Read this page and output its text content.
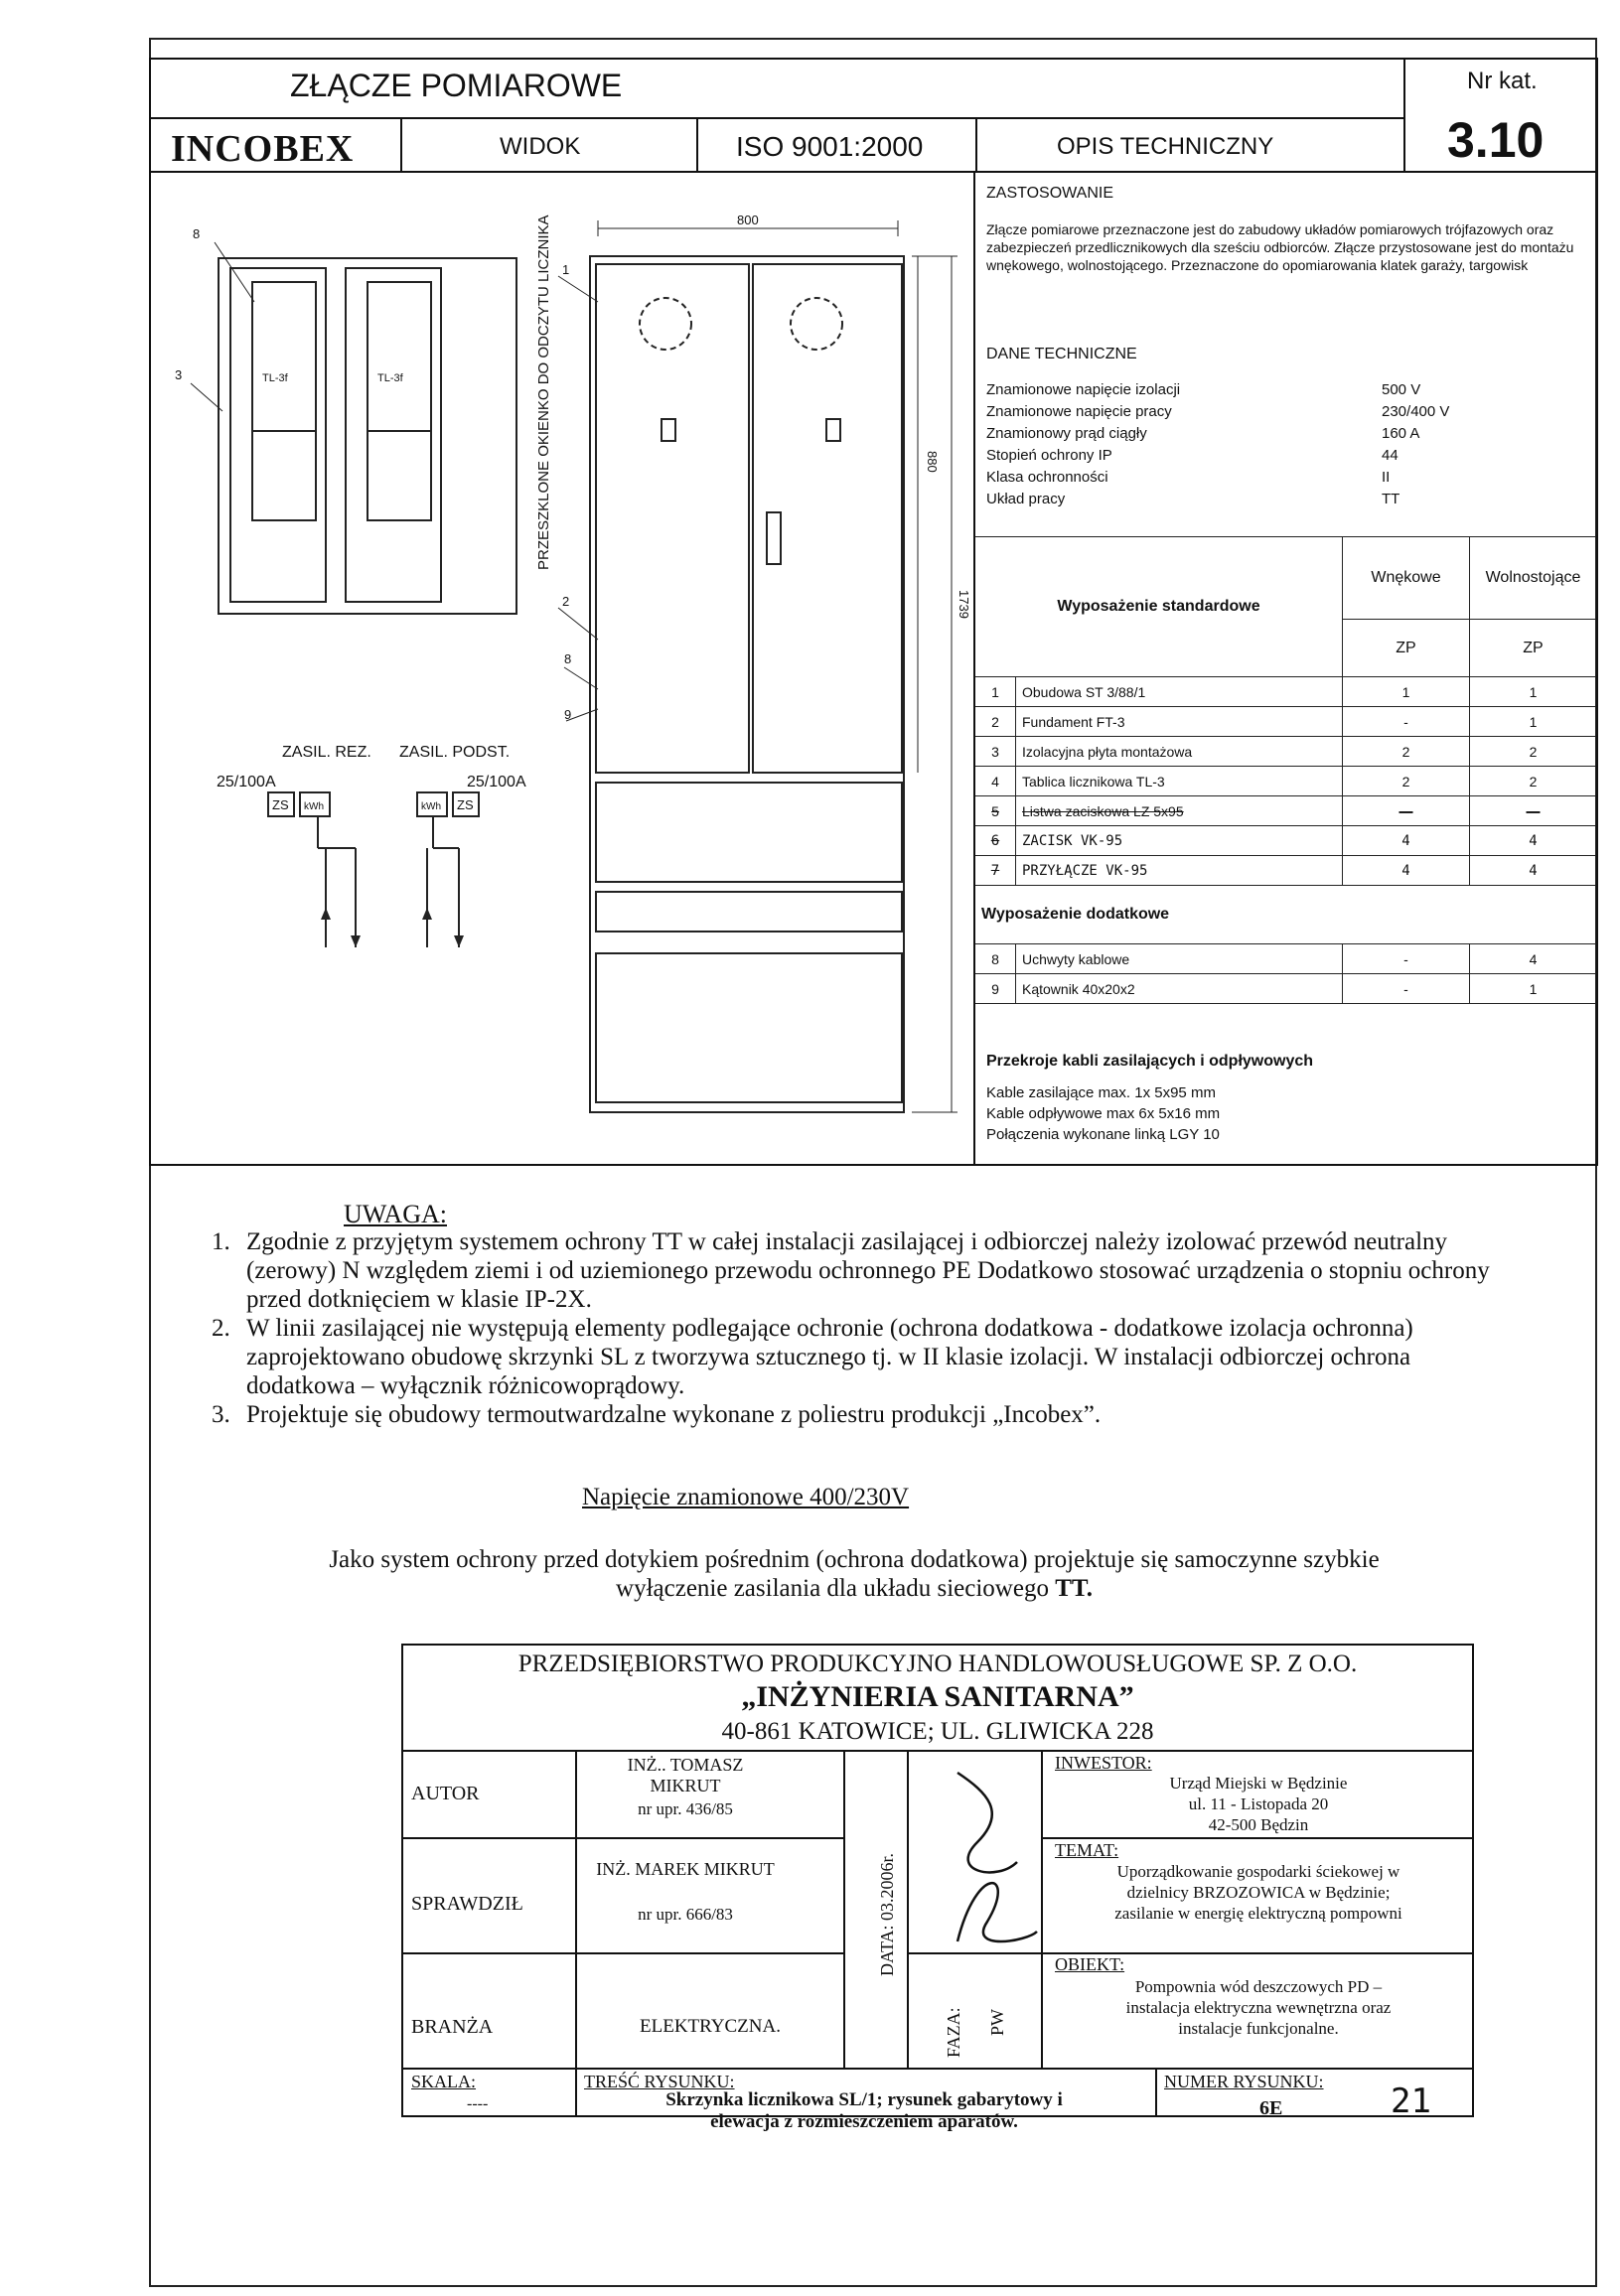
ZŁĄCZE POMIAROWE	Nr kat.
3.10
INCOBEX	WIDOK	ISO 9001:2000	OPIS TECHNICZNY
800
880
1739
8
3
1
2
8
9
TL-3f	TL-3f
ZS kWh	kWh ZS
ZASIL. REZ. ZASIL. PODST.
25/100A	25/100A
PRZESZKLONE OKIENKO DO ODCZYTU LICZNIKA
ZASTOSOWANIE
Złącze pomiarowe przeznaczone jest do zabudowy układów pomiarowych trójfazowych oraz zabezpieczeń przedlicznikowych dla sześciu odbiorców. Złącze przystosowane jest do montażu wnękowego, wolnostojącego. Przeznaczone do opomiarowania klatek garaży, targowisk
DANE TECHNICZNE
Znamionowe napięcie izolacji	500 V
Znamionowe napięcie pracy	230/400 V
Znamionowy prąd ciągły	160 A
Stopień ochrony IP	44
Klasa ochronności	II
Układ pracy	TT
Wyposażenie standardowe		Wnękowe	Wolnostojące
		ZP	ZP
1	Obudowa ST 3/88/1	1	1
2	Fundament FT-3	-	1
3	Izolacyjna płyta montażowa	2	2
4	Tablica licznikowa TL-3	2	2
5	Listwa zaciskowa LZ 5x95	—	—
6	ZACISK VK-95	4	4
7	PRZYŁĄCZE VK-95	4	4
Wyposażenie dodatkowe			
8	Uchwyty kablowe	-	4
9	Kątownik 40x20x2	-	1
Przekroje kabli zasilających i odpływowych
Kable zasilające max. 1x 5x95 mm
Kable odpływowe max 6x 5x16 mm
Połączenia wykonane linką LGY 10
UWAGA:
1. Zgodnie z przyjętym systemem ochrony TT w całej instalacji zasilającej i odbiorczej należy izolować przewód neutralny (zerowy) N względem ziemi i od uziemionego przewodu ochronnego PE Dodatkowo stosować urządzenia o stopniu ochrony przed dotknięciem w klasie IP-2X.
2. W linii zasilającej nie występują elementy podlegające ochronie (ochrona dodatkowa - dodatkowe izolacja ochronna) zaprojektowano obudowę skrzynki SL z tworzywa sztucznego tj. w II klasie izolacji. W instalacji odbiorczej ochrona dodatkowa – wyłącznik różnicowoprądowy.
3. Projektuje się obudowy termoutwardzalne wykonane z poliestru produkcji „Incobex”.
Napięcie znamionowe 400/230V
Jako system ochrony przed dotykiem pośrednim (ochrona dodatkowa) projektuje się samoczynne szybkie
wyłączenie zasilania dla układu sieciowego TT.
PRZEDSIĘBIORSTWO PRODUKCYJNO HANDLOWOUSŁUGOWE SP. Z O.O.
„INŻYNIERIA SANITARNA”
40-861 KATOWICE; UL. GLIWICKA 228
AUTOR
INŻ.. TOMASZ MIKRUT
nr upr. 436/85
SPRAWDZIŁ
INŻ. MAREK MIKRUT
nr upr. 666/83
BRANŻA	ELEKTRYCZNA.
DATA: 03.2006r.
FAZA: PW
INWESTOR:
Urząd Miejski w Będzinie
ul. 11 - Listopada 20
42-500 Będzin
TEMAT:
Uporządkowanie gospodarki ściekowej w
dzielnicy BRZOZOWICA w Będzinie;
zasilanie w energię elektryczną pompowni
OBIEKT:
Pompownia wód deszczowych PD –
instalacja elektryczna wewnętrzna oraz
instalacje funkcjonalne.
SKALA:
----
TREŚĆ RYSUNKU:
Skrzynka licznikowa SL/1; rysunek gabarytowy i
elewacja z rozmieszczeniem aparatów.
NUMER RYSUNKU:
6E	21
